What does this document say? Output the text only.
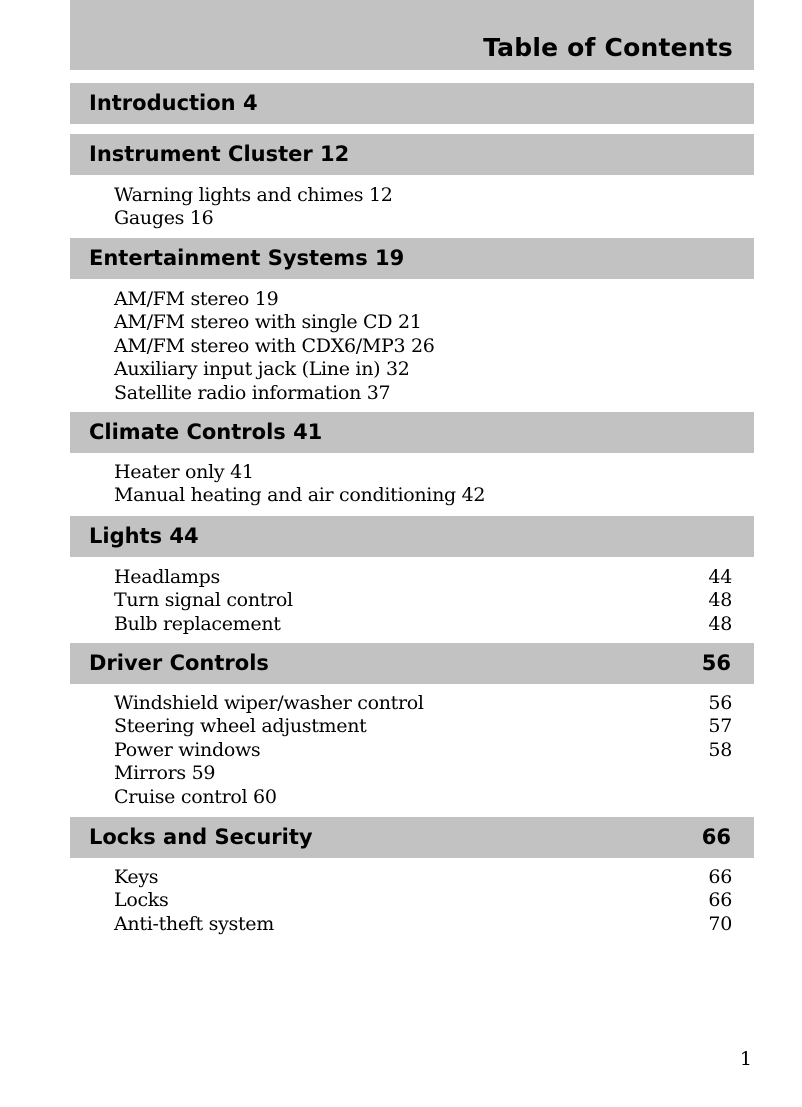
Table of Contents
Introduction 4
Instrument Cluster 12
Warning lights and chimes 12
Gauges 16
Entertainment Systems 19
AM/FM stereo 19
AM/FM stereo with single CD 21
AM/FM stereo with CDX6/MP3 26
Auxiliary input jack (Line in) 32
Satellite radio information 37
Climate Controls 41
Heater only 41
Manual heating and air conditioning 42
Lights 44
Headlamps	44
Turn signal control	48
Bulb replacement	48
Driver Controls	56
Windshield wiper/washer control	56
Steering wheel adjustment	57
Power windows	58
Mirrors 59
Cruise control 60
Locks and Security	66
Keys	66
Locks	66
Anti-theft system	70
1
